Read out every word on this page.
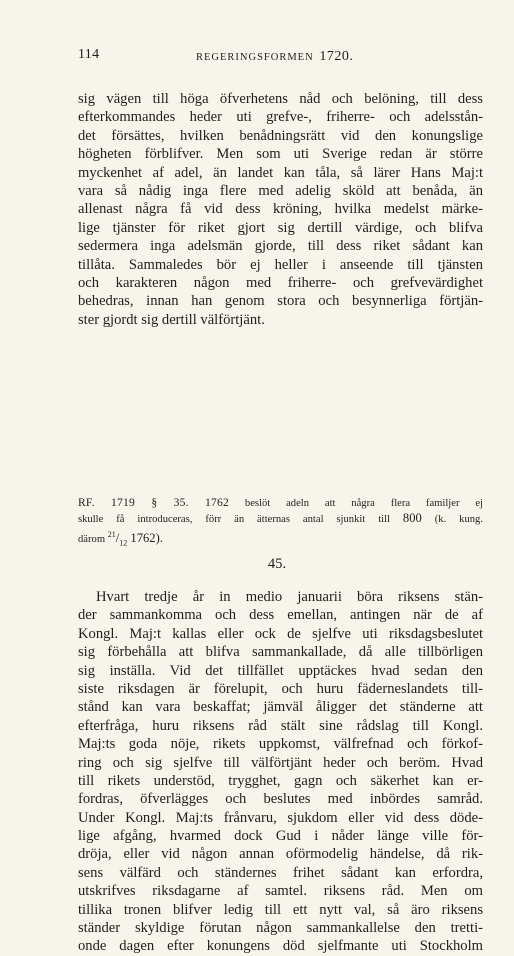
114	REGERINGSFORMEN 1720.
sig vägen till höga öfverhetens nåd och belöning, till dess
efterkommandes heder uti grefve-, friherre- och adelsstån-
det försättes, hvilken benådningsrätt vid den konungslige
högheten förblifver. Men som uti Sverige redan är större
myckenhet af adel, än landet kan tåla, så lärer Hans Maj:t
vara så nådig inga flere med adelig sköld att benåda, än
allenast några få vid dess kröning, hvilka medelst märke-
lige tjänster för riket gjort sig dertill värdige, och blifva
sedermera inga adelsmän gjorde, till dess riket sådant kan
tillåta. Sammaledes bör ej heller i anseende till tjänsten
och karakteren någon med friherre- och grefvevärdighet
behedras, innan han genom stora och besynnerliga förtjän-
ster gjordt sig dertill välförtjänt.
RF. 1719 § 35. 1762 beslöt adeln att några flera familjer ej
skulle få introduceras, förr än ätternas antal sjunkit till 800 (k. kung.
därom $^{21}/_{12}$ 1762).
45.
Hvart tredje år in medio januarii böra riksens stän-
der sammankomma och dess emellan, antingen när de af
Kongl. Maj:t kallas eller ock de sjelfve uti riksdagsbeslutet
sig förbehålla att blifva sammankallade, då alle tillbörligen
sig inställa. Vid det tillfället upptäckes hvad sedan den
siste riksdagen är förelupit, och huru fäderneslandets till-
stånd kan vara beskaffat; jämväl åligger det ständerne att
efterfråga, huru riksens råd stält sine rådslag till Kongl.
Maj:ts goda nöje, rikets uppkomst, välfrefnad och förkof-
ring och sig sjelfve till välförtjänt heder och beröm. Hvad
till rikets understöd, trygghet, gagn och säkerhet kan er-
fordras, öfverlägges och beslutes med inbördes samråd.
Under Kongl. Maj:ts frånvaru, sjukdom eller vid dess döde-
lige afgång, hvarmed dock Gud i nåder länge ville för-
dröja, eller vid någon annan oförmodelig händelse, då rik-
sens välfärd och ständernes frihet sådant kan erfordra,
utskrifves riksdagarne af samtel. riksens råd. Men om
tillika tronen blifver ledig till ett nytt val, så äro riksens
ständer skyldige förutan någon sammankallelse den tretti-
onde dagen efter konungens död sjelfmante uti Stockholm
